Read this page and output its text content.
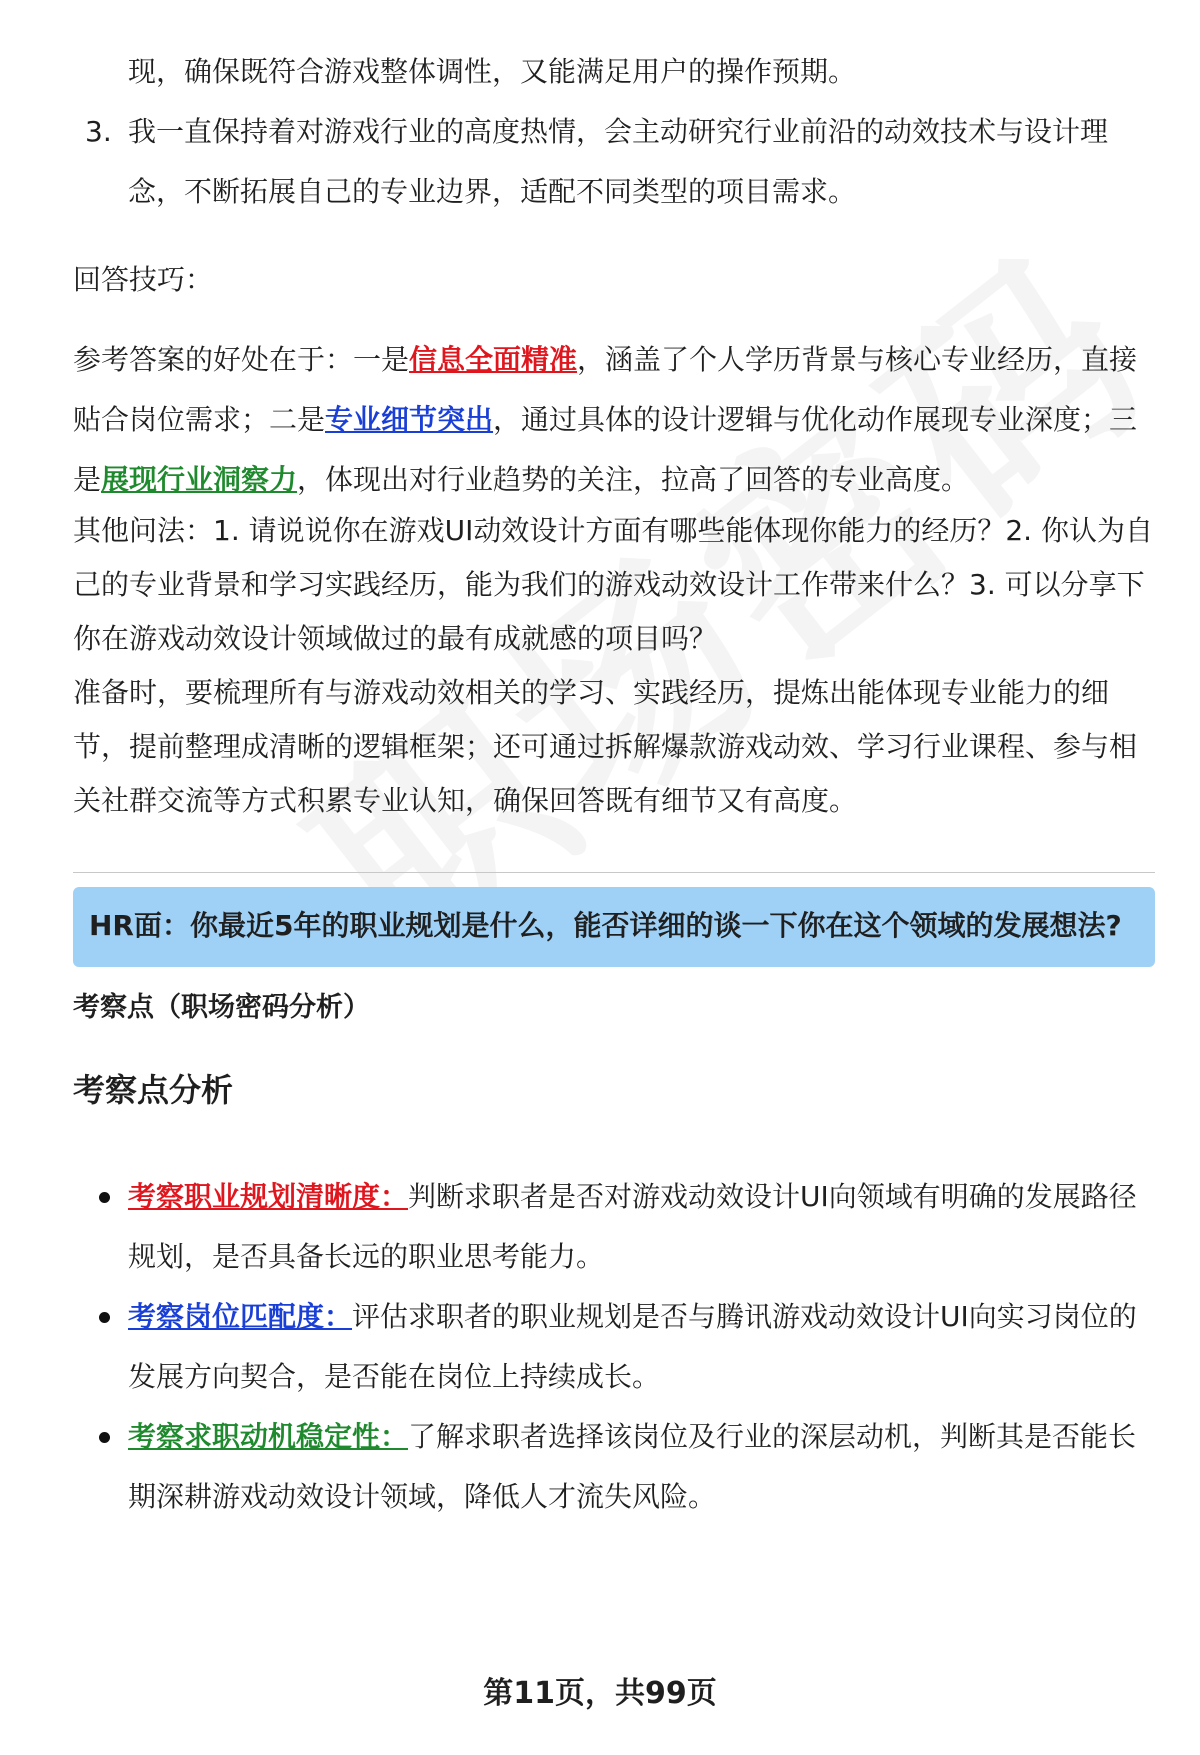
现，确保既符合游戏整体调性，又能满足用户的操作预期。
3. 我一直保持着对游戏行业的高度热情，会主动研究行业前沿的动效技术与设计理念，不断拓展自己的专业边界，适配不同类型的项目需求。
回答技巧：
参考答案的好处在于：一是信息全面精准，涵盖了个人学历背景与核心专业经历，直接贴合岗位需求；二是专业细节突出，通过具体的设计逻辑与优化动作展现专业深度；三是展现行业洞察力，体现出对行业趋势的关注，拉高了回答的专业高度。
其他问法：1. 请说说你在游戏UI动效设计方面有哪些能体现你能力的经历？2. 你认为自己的专业背景和学习实践经历，能为我们的游戏动效设计工作带来什么？3. 可以分享下你在游戏动效设计领域做过的最有成就感的项目吗？
准备时，要梳理所有与游戏动效相关的学习、实践经历，提炼出能体现专业能力的细节，提前整理成清晰的逻辑框架；还可通过拆解爆款游戏动效、学习行业课程、参与相关社群交流等方式积累专业认知，确保回答既有细节又有高度。
HR面：你最近5年的职业规划是什么，能否详细的谈一下你在这个领域的发展想法?
考察点（职场密码分析）
考察点分析
考察职业规划清晰度：判断求职者是否对游戏动效设计UI向领域有明确的发展路径规划，是否具备长远的职业思考能力。
考察岗位匹配度：评估求职者的职业规划是否与腾讯游戏动效设计UI向实习岗位的发展方向契合，是否能在岗位上持续成长。
考察求职动机稳定性：了解求职者选择该岗位及行业的深层动机，判断其是否能长期深耕游戏动效设计领域，降低人才流失风险。
第11页，共99页
